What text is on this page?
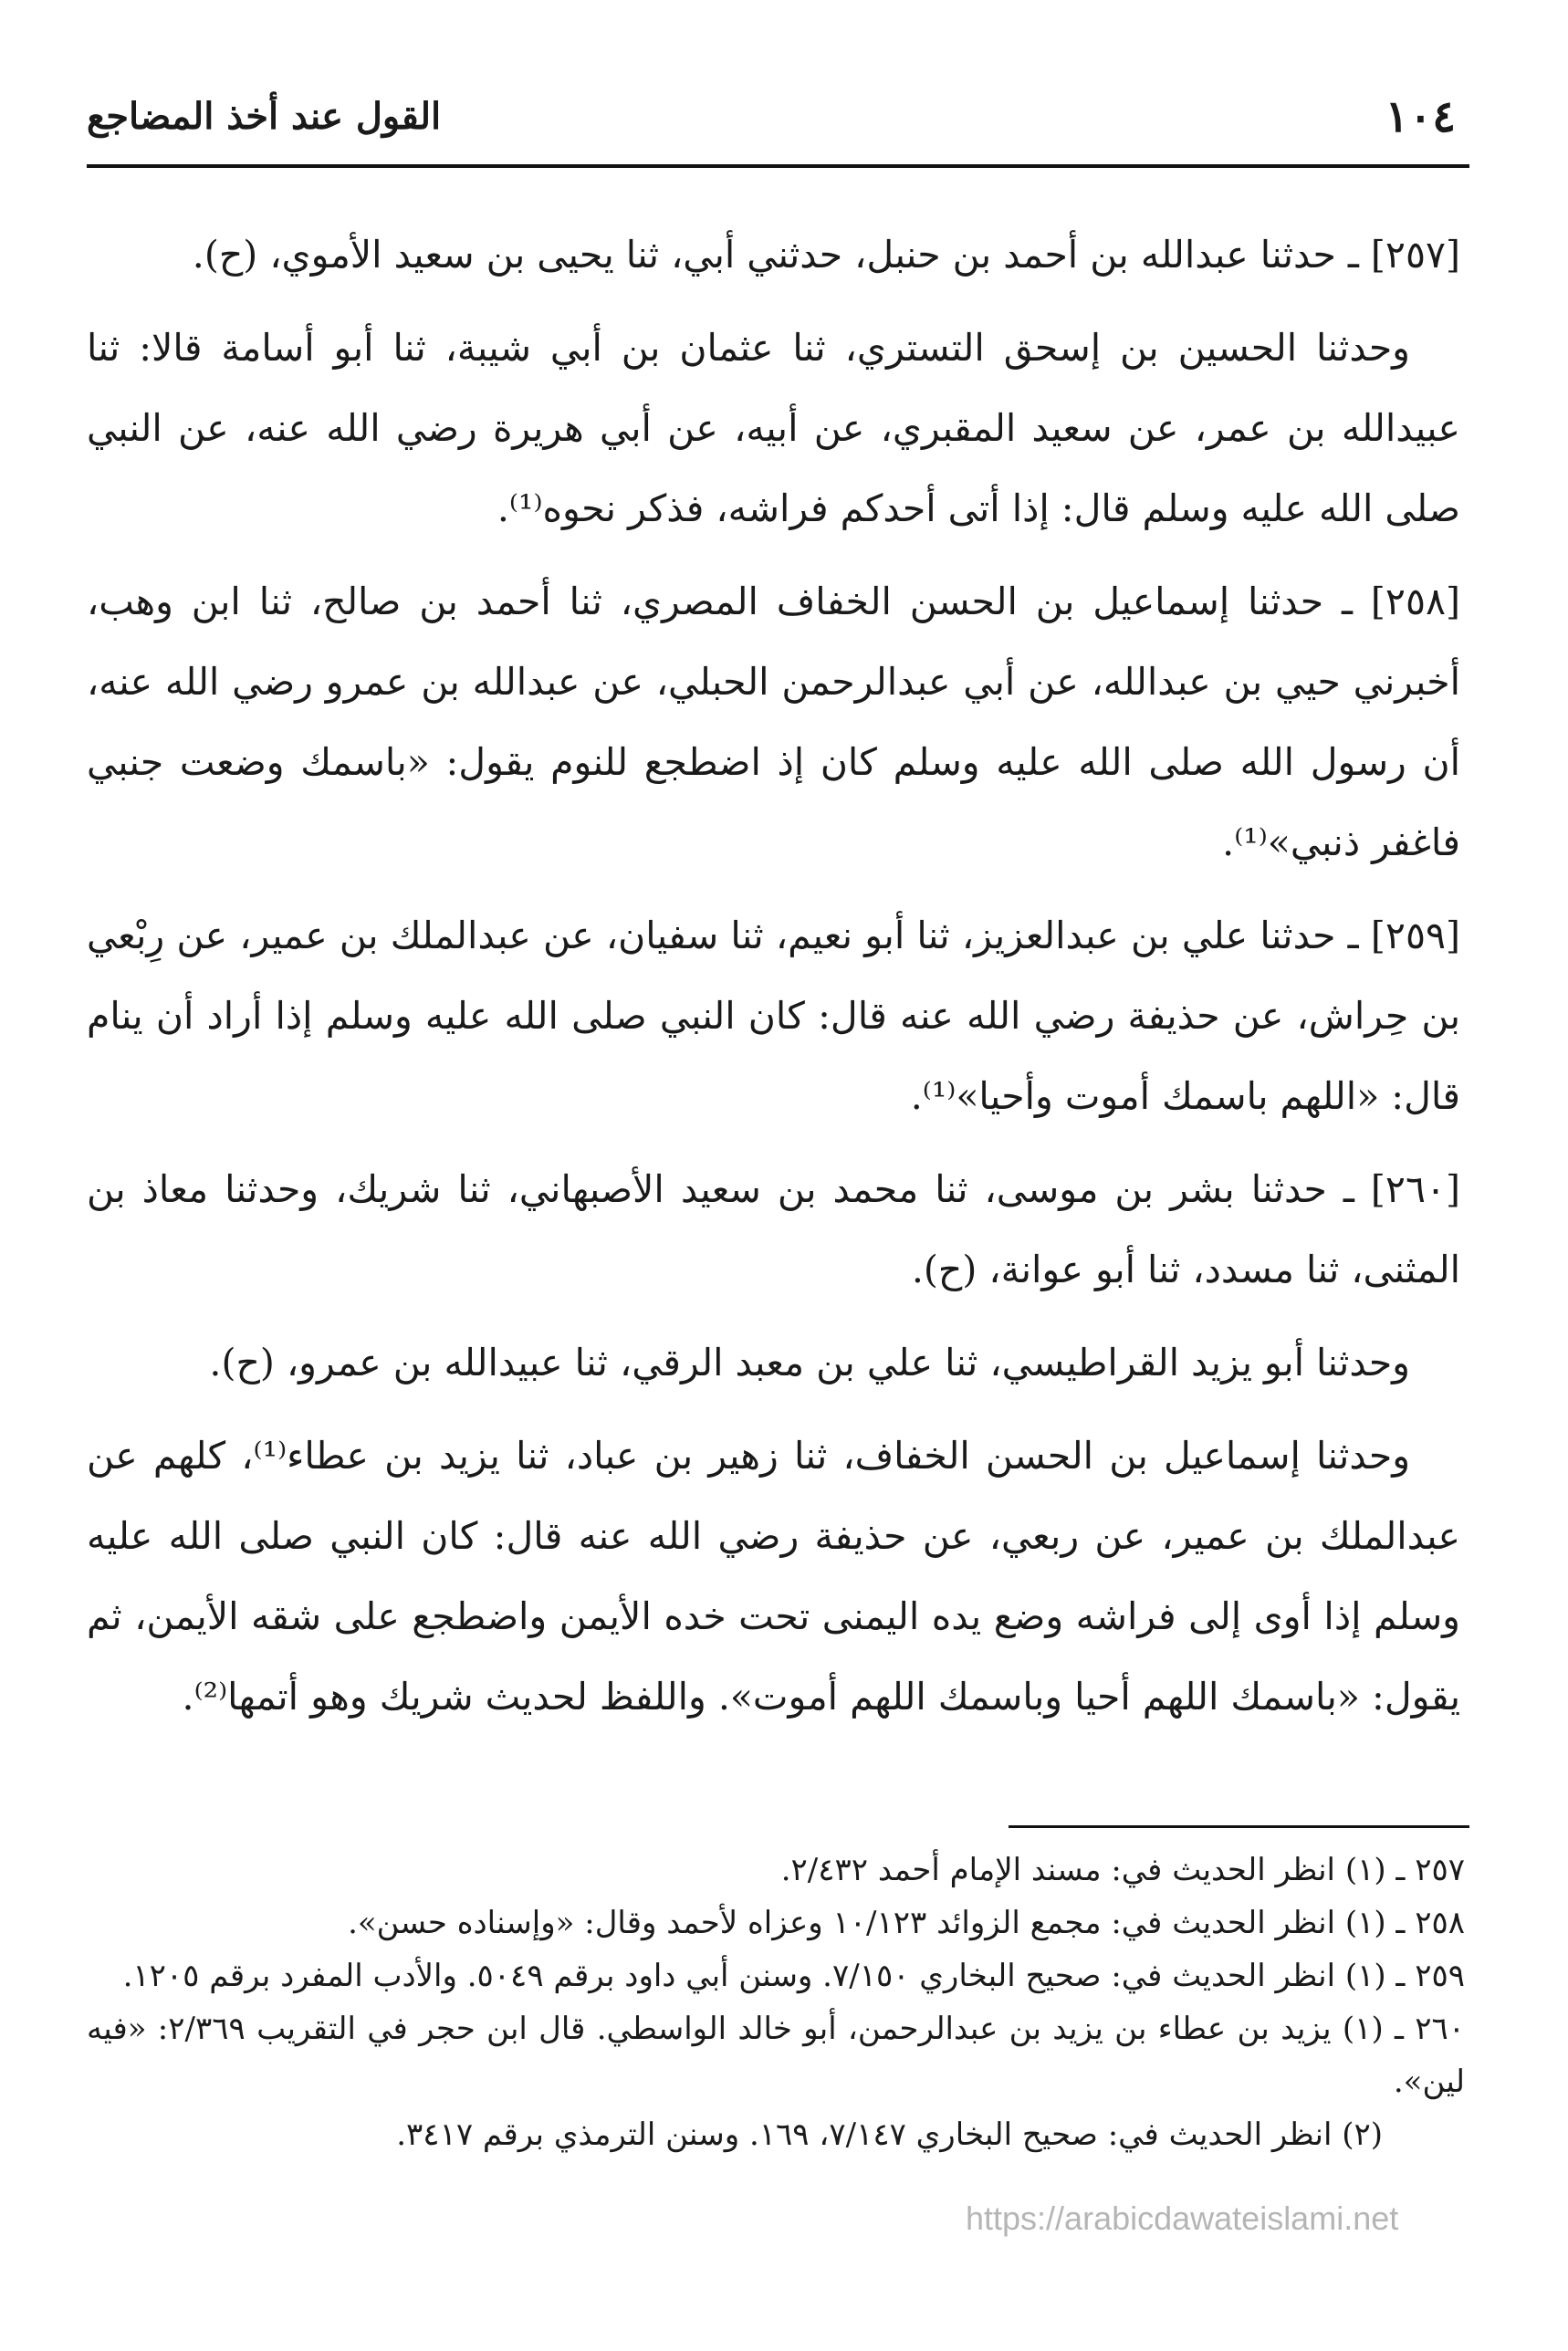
١٠٤
القول عند أخذ المضاجع

[٢٥٧] ـ حدثنا عبدالله بن أحمد بن حنبل، حدثني أبي، ثنا يحيى بن سعيد الأموي، (ح).

وحدثنا الحسين بن إسحق التستري، ثنا عثمان بن أبي شيبة، ثنا أبو أسامة قالا: ثنا عبيدالله بن عمر، عن سعيد المقبري، عن أبيه، عن أبي هريرة رضي الله عنه، عن النبي صلى الله عليه وسلم قال: إذا أتى أحدكم فراشه، فذكر نحوه⁽¹⁾.

[٢٥٨] ـ حدثنا إسماعيل بن الحسن الخفاف المصري، ثنا أحمد بن صالح، ثنا ابن وهب، أخبرني حيي بن عبدالله، عن أبي عبدالرحمن الحبلي، عن عبدالله بن عمرو رضي الله عنه، أن رسول الله صلى الله عليه وسلم كان إذ اضطجع للنوم يقول: «باسمك وضعت جنبي فاغفر ذنبي»⁽¹⁾.

[٢٥٩] ـ حدثنا علي بن عبدالعزيز، ثنا أبو نعيم، ثنا سفيان، عن عبدالملك بن عمير، عن رِبْعي بن حِراش، عن حذيفة رضي الله عنه قال: كان النبي صلى الله عليه وسلم إذا أراد أن ينام قال: «اللهم باسمك أموت وأحيا»⁽¹⁾.

[٢٦٠] ـ حدثنا بشر بن موسى، ثنا محمد بن سعيد الأصبهاني، ثنا شريك، وحدثنا معاذ بن المثنى، ثنا مسدد، ثنا أبو عوانة، (ح).

وحدثنا أبو يزيد القراطيسي، ثنا علي بن معبد الرقي، ثنا عبيدالله بن عمرو، (ح).

وحدثنا إسماعيل بن الحسن الخفاف، ثنا زهير بن عباد، ثنا يزيد بن عطاء⁽¹⁾، كلهم عن عبدالملك بن عمير، عن ربعي، عن حذيفة رضي الله عنه قال: كان النبي صلى الله عليه وسلم إذا أوى إلى فراشه وضع يده اليمنى تحت خده الأيمن واضطجع على شقه الأيمن، ثم يقول: «باسمك اللهم أحيا وباسمك اللهم أموت». واللفظ لحديث شريك وهو أتمها⁽²⁾.

٢٥٧ ـ (١) انظر الحديث في: مسند الإمام أحمد ٢/٤٣٢.

٢٥٨ ـ (١) انظر الحديث في: مجمع الزوائد ١٠/١٢٣ وعزاه لأحمد وقال: «وإسناده حسن».

٢٥٩ ـ (١) انظر الحديث في: صحيح البخاري ٧/١٥٠. وسنن أبي داود برقم ٥٠٤٩. والأدب المفرد برقم ١٢٠٥.

٢٦٠ ـ (١) يزيد بن عطاء بن يزيد بن عبدالرحمن، أبو خالد الواسطي. قال ابن حجر في التقريب ٢/٣٦٩: «فيه لين».

(٢) انظر الحديث في: صحيح البخاري ٧/١٤٧، ١٦٩. وسنن الترمذي برقم ٣٤١٧.

https://arabicdawateislami.net
